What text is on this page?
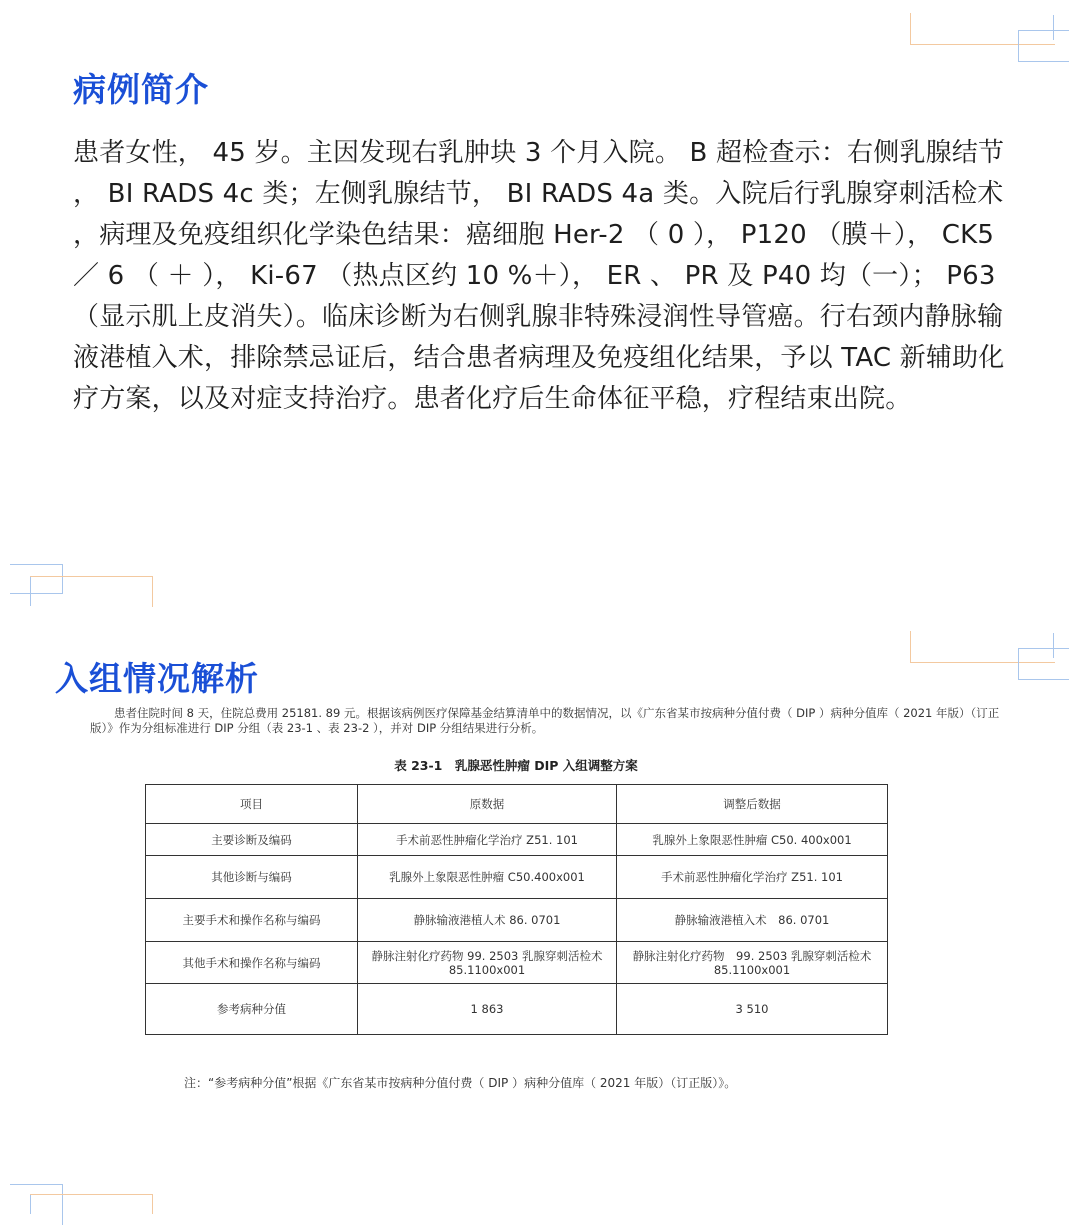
病例简介

患者女性， 45 岁。主因发现右乳肿块 3 个月入院。 B 超检查示：右侧乳腺结节 ， BI RADS 4c 类；左侧乳腺结节， BI RADS 4a 类。入院后行乳腺穿刺活检术 ，病理及免疫组织化学染色结果：癌细胞 Her-2 （ 0 ）， P120 （膜＋）， CK5 ／ 6 （ ＋ ）， Ki-67 （热点区约 10 %＋）， ER 、 PR 及 P40 均（一）； P63 （显示肌上皮消失）。临床诊断为右侧乳腺非特殊浸润性导管癌。行右颈内静脉输液港植入术，排除禁忌证后，结合患者病理及免疫组化结果，予以 TAC 新辅助化疗方案，以及对症支持治疗。患者化疗后生命体征平稳，疗程结束出院。

入组情况解析

患者住院时间 8 天，住院总费用 25181. 89 元。根据该病例医疗保障基金结算清单中的数据情况，以《广东省某市按病种分值付费（ DIP ）病种分值库（ 2021 年版）（订正版）》作为分组标准进行 DIP 分组（表 23-1 、表 23-2 ），并对 DIP 分组结果进行分析。

表 23-1　乳腺恶性肿瘤 DIP 入组调整方案

项目	原数据	调整后数据
主要诊断及编码	手术前恶性肿瘤化学治疗 Z51. 101	乳腺外上象限恶性肿瘤 C50. 400x001
其他诊断与编码	乳腺外上象限恶性肿瘤 C50.400x001	手术前恶性肿瘤化学治疗 Z51. 101
主要手术和操作名称与编码	静脉输液港植人术 86. 0701	静脉输液港植入术　86. 0701
其他手术和操作名称与编码	静脉注射化疗药物 99. 2503 乳腺穿刺活检术 85.1100x001	静脉注射化疗药物　99. 2503 乳腺穿刺活检术 85.1100x001
参考病种分值	1 863	3 510

注：“参考病种分值”根据《广东省某市按病种分值付费（ DIP ）病种分值库（ 2021 年版）（订正版）》。
